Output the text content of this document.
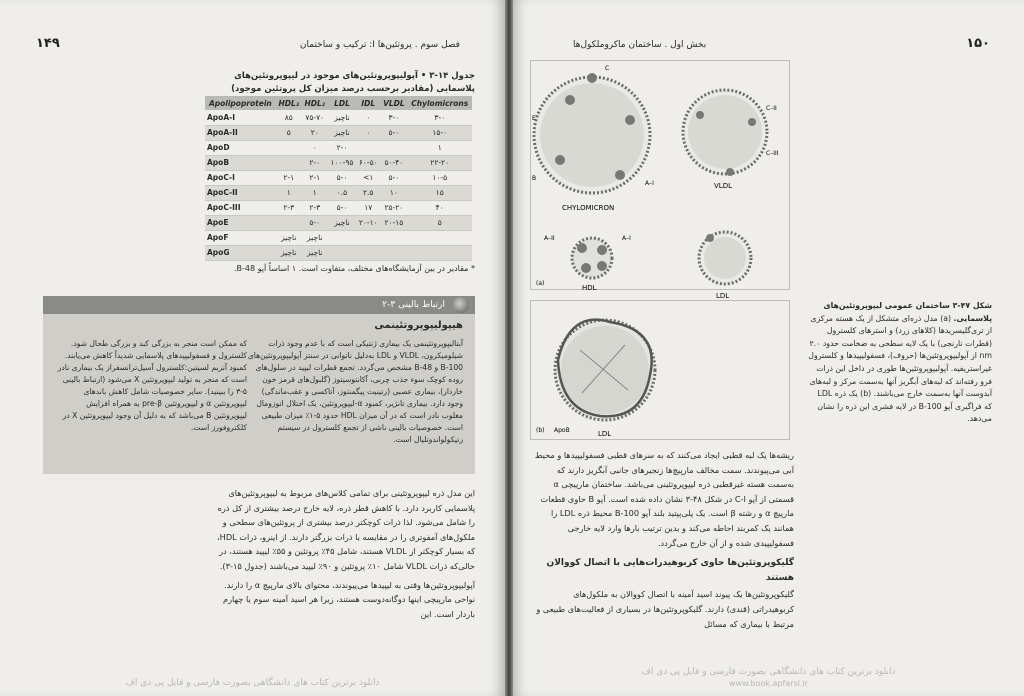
۱۴۹	فصل سوم . پروتئین‌ها I: ترکیب و ساختمان
جدول ۱۴-۳ • آپولیپوپروتئین‌های موجود در لیپوپروتئین‌های پلاسمایی (مقادیر برحسب درصد میزان کل پروتئین موجود)
Apolipoprotein	HDL₃	HDL₂	LDL	IDL	VLDL	Chylomicrons
ApoA-I	۸۵	۷۵-۷۰	ناچیز	۰	۳-۰	۳-۰
ApoA-II	۵	۲۰	ناچیز	۰	۵-۰	۱۵-۰
ApoD		۰	۲-۰			۱
ApoB		۲-۰	۱۰۰-۹۵	۶۰-۵۰	۵۰-۴۰	۲۲-۲۰
ApoC-I	۲-۱	۲-۱	۵-۰	<۱	۵-۰	۱۰-۵
ApoC-II	۱	۱	۰.۵	۲.۵	۱۰	۱۵
ApoC-III	۲-۳	۲-۳	۵-۰	۱۷	۲۵-۲۰	۴۰
ApoE		۵-۰	ناچیز	۲۰-۱۰	۲۰-۱۵	۵
ApoF	ناچیز	ناچیز				
ApoG	ناچیز	ناچیز				
* مقادیر در بین آزمایشگاه‌های مختلف، متفاوت است. ۱ اساساً آپو B-48.
ارتباط بالینی ۳-۲
هیپولیپوپروتئینمی
آبتالیپوپروتئینمی یک بیماری ژنتیکی است که با عدم وجود ذرات شیلومیکرون، VLDL و LDL به‌دلیل ناتوانی در سنتز آپولیپوپروتئین‌های B-100 و B-48 مشخص می‌گردد. تجمع قطرات لیپید در سلول‌های روده کوچک سوء جذب چربی، آکانتوسیتوز (گلبول‌های قرمز خون خاردار)، بیماری عصبی (رتینیت پیگمنتوز، آتاکسی و عقب‌ماندگی) وجود دارد. بیماری تانژیر، کمبود α-لیپوپروتئین، یک اختلال اتوزومال مغلوب نادر است که در آن میزان HDL حدود ۵-۱٪ میزان طبیعی است. خصوصیات بالینی ناشی از تجمع کلسترول در سیستم رتیکولواندوتلیال است.
که ممکن است منجر به بزرگی کبد و بزرگی طحال شود. کلسترول و فسفولیپیدهای پلاسمایی شدیداً کاهش می‌یابند. کمبود آنزیم لسیتین:کلسترول آسیل‌ترانسفراز یک بیماری نادر است که منجر به تولید لیپوپروتئین X می‌شود (ارتباط بالینی ۵-۳ را ببینید). سایر خصوصیات شامل کاهش باندهای لیپوپروتئین α و لیپوپروتئین pre-β به همراه افزایش لیپوپروتئین B می‌باشد که به دلیل آن وجود لیپوپروتئین X در کلکتروفورز است.

این مدل ذره لیپوپروتئینی برای تمامی کلاس‌های مربوط به لیپوپروتئین‌های پلاسمایی کاربرد دارد. با کاهش قطر ذره، لایه خارج درصد بیشتری از کل ذره را شامل می‌شود. لذا ذرات کوچکتر درصد بیشتری از پروتئین‌های سطحی و ملکول‌های آمفوتری را در مقایسه با ذرات بزرگتر دارند. از اینرو، ذرات HDL، که بسیار کوچکتر از VLDL هستند، شامل ۴۵٪ پروتئین و ۵۵٪ لیپید هستند، در حالی‌که ذرات VLDL شامل ۱۰٪ پروتئین و ۹۰٪ لیپید می‌باشند (جدول ۱۵-۳).

آپولیپوپروتئین‌ها وقتی به لیپیدها می‌پیوندند، محتوای بالای مارپیچ α را دارند. نواحی مارپیچی اینها دوگانه‌دوست هستند، زیرا هر اسید آمینه سوم یا چهارم باردار است. این

دانلود برترین کتاب های دانشگاهی بصورت فارسی و فایل پی دی اف
۱۵۰
بخش اول . ساختمان ماکروملکول‌ها
دانلود برترین کتاب های دانشگاهی بصورت فارسی و فایل پی دی اف
www.book.apfarsi.ir
CHYLOMICRON
C
E
B
A–I	VLDL
C–II
C–III
HDL
A–II	A–I
LDL
(a)
ApoB	LDL
(b)
شکل ۴۷-۳ ساختمان عمومی لیپوپروتئین‌های پلاسمایی. (a) مدل ذره‌ای متشکل از یک هسته مرکزی از تری‌گلیسریدها (کلاهای زرد) و استرهای کلسترول (قطرات نارنجی) با یک لایه سطحی به ضخامت حدود ۲.۰ nm از آپولیپوپروتئین‌ها (حروف)، فسفولیپیدها و کلسترول غیراستریفیه. آپولیپوپروتئین‌ها طوری در داخل این ذرات فرو رفته‌اند که لبه‌های آبگریز آنها به‌سمت مرکز و لبه‌های آبدوست آنها به‌سمت خارج می‌باشند. (b) یک ذره LDL که فراگیری آپو B-100 در لایه فشری این ذره را نشان می‌دهد.

ریشه‌ها یک لبه قطبی ایجاد می‌کنند که به سرهای قطبی فسفولیپیدها و محیط آبی می‌پیوندند. سمت مخالف مارپیچ‌ها زنجیرهای جانبی آبگریز دارند که به‌سمت هسته غیرقطبی ذره لیپوپروتئینی می‌باشد. ساختمان مارپیچی α قسمتی از آپو C-I در شکل ۴۸-۳ نشان داده شده است. آپو B حاوی قطعات مارپیچ α و رشته β است. یک پلی‌پپتید بلند آپو B-100 محیط ذره LDL را همانند یک کمربند احاطه می‌کند و بدین ترتیب بارها وارد لایه خارجی فسفولیپیدی شده و از آن خارج می‌گردد.

گلیکوپروتئین‌ها حاوی کربوهیدرات‌هایی با اتصال کووالان هستند

گلیکوپروتئین‌ها یک پیوند اسید آمینه با اتصال کووالان به ملکول‌های کربوهیدراتی (قندی) دارند. گلیکوپروتئین‌ها در بسیاری از فعالیت‌های طبیعی و مرتبط با بیماری که مسائل
